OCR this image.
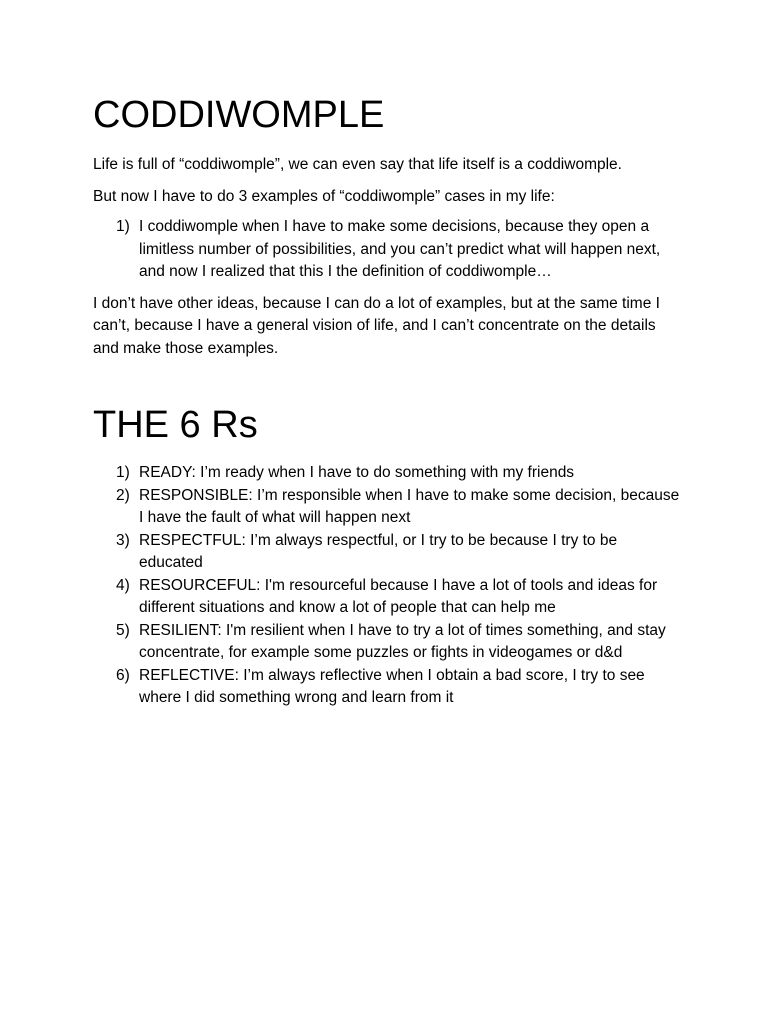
CODDIWOMPLE

Life is full of “coddiwomple”, we can even say that life itself is a coddiwomple.

But now I have to do 3 examples of “coddiwomple” cases in my life:

1) I coddiwomple when I have to make some decisions, because they open a limitless number of possibilities, and you can’t predict what will happen next, and now I realized that this I the definition of coddiwomple…

I don’t have other ideas, because I can do a lot of examples, but at the same time I can’t, because I have a general vision of life, and I can’t concentrate on the details and make those examples.

THE 6 Rs
1) READY: I’m ready when I have to do something with my friends
2) RESPONSIBLE: I’m responsible when I have to make some decision, because I have the fault of what will happen next
3) RESPECTFUL: I’m always respectful, or I try to be because I try to be educated
4) RESOURCEFUL: I'm resourceful because I have a lot of tools and ideas for different situations and know a lot of people that can help me
5) RESILIENT: I'm resilient when I have to try a lot of times something, and stay concentrate, for example some puzzles or fights in videogames or d&d
6) REFLECTIVE: I’m always reflective when I obtain a bad score, I try to see where I did something wrong and learn from it
